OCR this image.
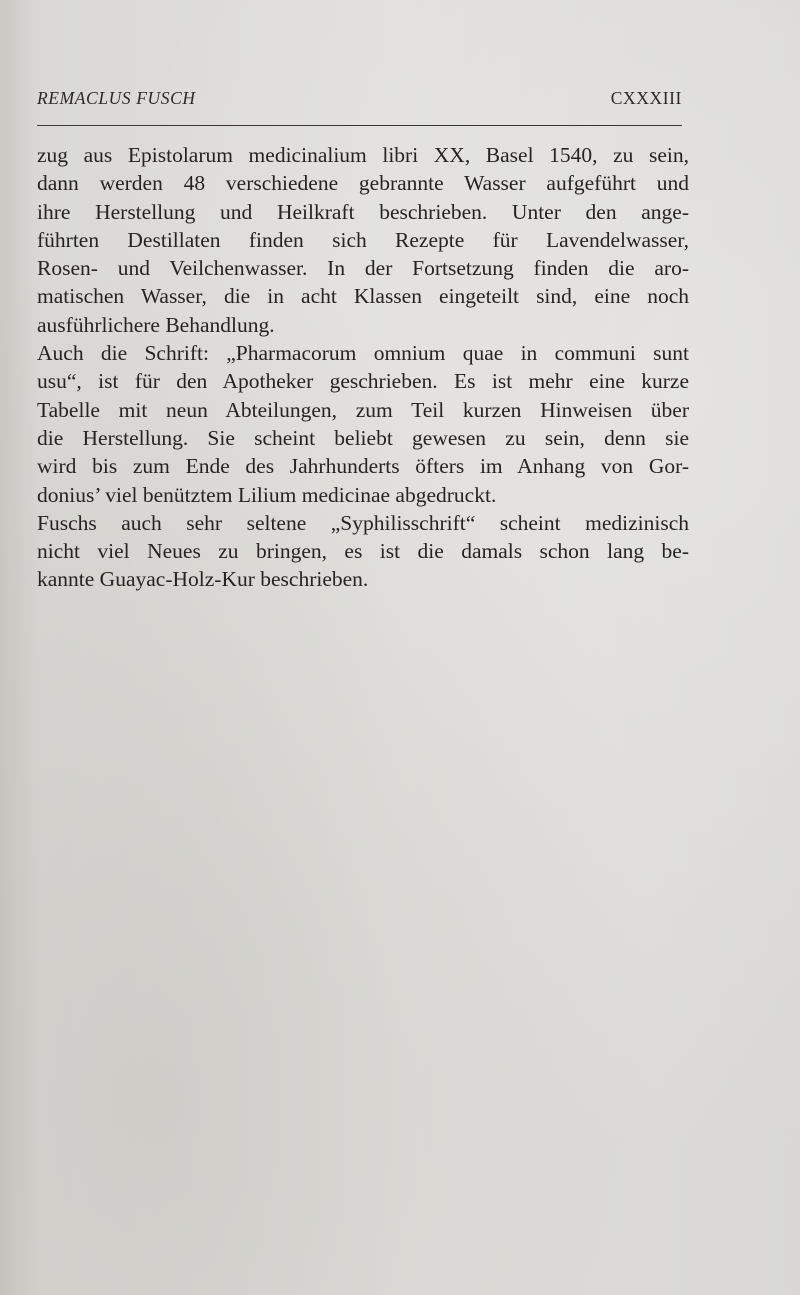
REMACLUS FUSCH	CXXXIII
zug aus Epistolarum medicinalium libri XX, Basel 1540, zu sein,
dann werden 48 verschiedene gebrannte Wasser aufgeführt und
ihre Herstellung und Heilkraft beschrieben. Unter den ange-
führten Destillaten finden sich Rezepte für Lavendelwasser,
Rosen- und Veilchenwasser. In der Fortsetzung finden die aro-
matischen Wasser, die in acht Klassen eingeteilt sind, eine noch
ausführlichere Behandlung.
Auch die Schrift: „Pharmacorum omnium quae in communi sunt
usu“, ist für den Apotheker geschrieben. Es ist mehr eine kurze
Tabelle mit neun Abteilungen, zum Teil kurzen Hinweisen über
die Herstellung. Sie scheint beliebt gewesen zu sein, denn sie
wird bis zum Ende des Jahrhunderts öfters im Anhang von Gor-
donius’ viel benütztem Lilium medicinae abgedruckt.
Fuschs auch sehr seltene „Syphilisschrift“ scheint medizinisch
nicht viel Neues zu bringen, es ist die damals schon lang be-
kannte Guayac-Holz-Kur beschrieben.
